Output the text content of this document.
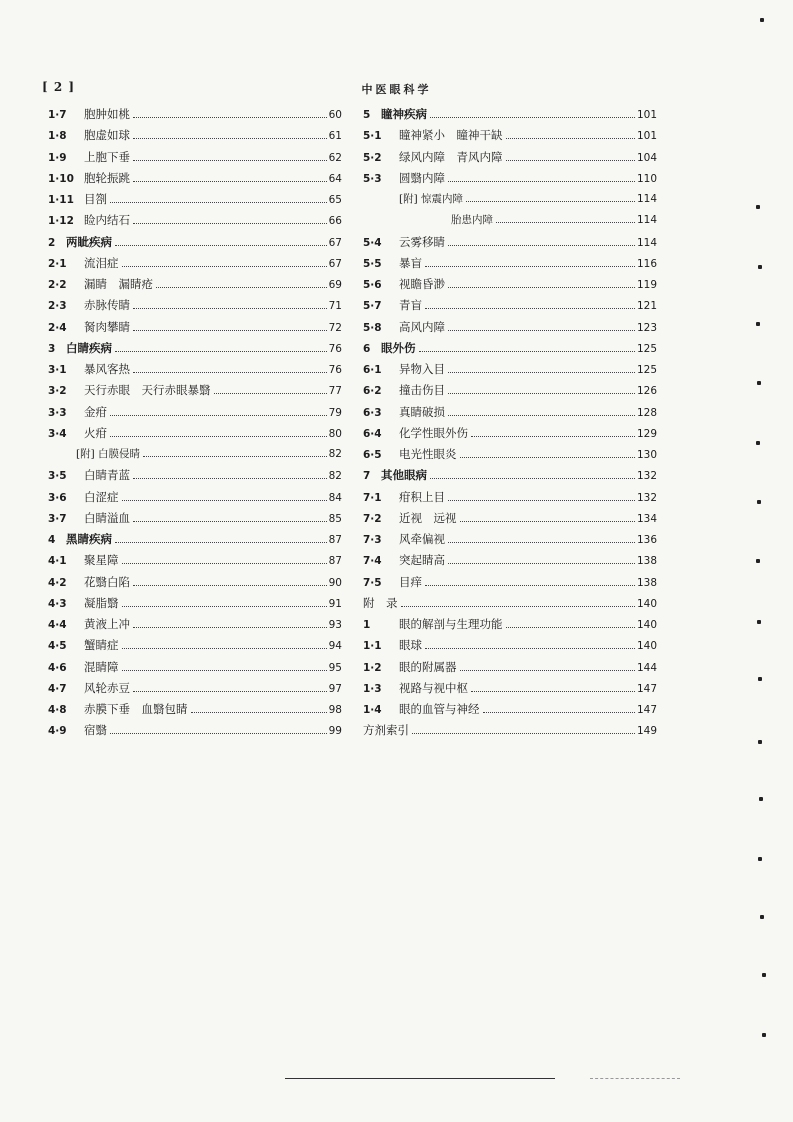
[ 2 ]	中医眼科学
1·7	胞肿如桃	60
1·8	胞虚如球	61
1·9	上胞下垂	62
1·10 胞轮振跳	64
1·11 目劄	65
1·12 睑内结石	66
2 两眦疾病	67
2·1	流泪症	67
2·2	漏睛　漏睛疮	69
2·3	赤脉传睛	71
2·4	胬肉攀睛	72
3 白睛疾病	76
3·1	暴风客热	76
3·2	天行赤眼　天行赤眼暴翳	77
3·3	金疳	79
3·4	火疳	80
[附] 白膜侵睛	82
3·5	白睛青蓝	82
3·6	白涩症	84
3·7	白睛溢血	85
4 黑睛疾病	87
4·1	聚星障	87
4·2	花翳白陷	90
4·3	凝脂翳	91
4·4	黄液上冲	93
4·5	蟹睛症	94
4·6	混睛障	95
4·7	风轮赤豆	97
4·8	赤膜下垂　血翳包睛	98
4·9	宿翳	99
5 瞳神疾病	101
5·1	瞳神紧小　瞳神干缺	101
5·2	绿风内障　青风内障	104
5·3	圆翳内障	110
[附] 惊震内障	114
胎患内障	114
5·4	云雾移睛	114
5·5	暴盲	116
5·6	视瞻昏渺	119
5·7	青盲	121
5·8	高风内障	123
6 眼外伤	125
6·1	异物入目	125
6·2	撞击伤目	126
6·3	真睛破损	128
6·4	化学性眼外伤	129
6·5	电光性眼炎	130
7 其他眼病	132
7·1	疳积上目	132
7·2	近视　远视	134
7·3	风牵偏视	136
7·4	突起睛高	138
7·5	目痒	138
附　录	140
1	眼的解剖与生理功能	140
1·1	眼球	140
1·2	眼的附属器	144
1·3	视路与视中枢	147
1·4	眼的血管与神经	147
方剂索引	149
